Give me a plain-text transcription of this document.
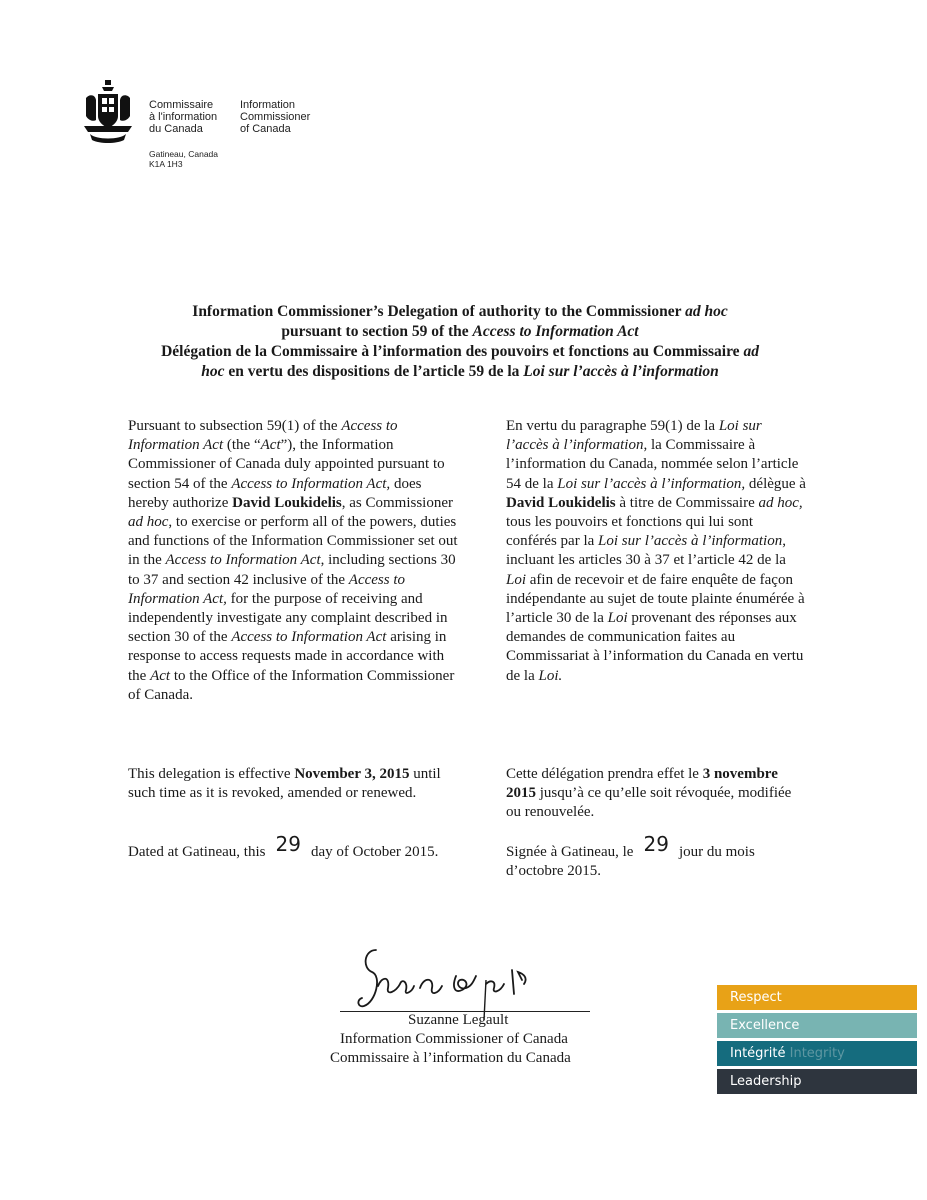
Commissaire
à l'information
du Canada
Information
Commissioner
of Canada
Gatineau, Canada
K1A 1H3
Information Commissioner’s Delegation of authority to the Commissioner ad hoc
pursuant to section 59 of the Access to Information Act
Délégation de la Commissaire à l’information des pouvoirs et fonctions au Commissaire ad
hoc en vertu des dispositions de l’article 59 de la Loi sur l’accès à l’information

Pursuant to subsection 59(1) of the Access to Information Act (the “Act”), the Information Commissioner of Canada duly appointed pursuant to section 54 of the Access to Information Act, does hereby authorize David Loukidelis, as Commissioner ad hoc, to exercise or perform all of the powers, duties and functions of the Information Commissioner set out in the Access to Information Act, including sections 30 to 37 and section 42 inclusive of the Access to Information Act, for the purpose of receiving and independently investigate any complaint described in section 30 of the Access to Information Act arising in response to access requests made in accordance with the Act to the Office of the Information Commissioner of Canada.

This delegation is effective November 3, 2015 until such time as it is revoked, amended or renewed.

Dated at Gatineau, this 29 day of October 2015.

En vertu du paragraphe 59(1) de la Loi sur l’accès à l’information, la Commissaire à l’information du Canada, nommée selon l’article 54 de la Loi sur l’accès à l’information, délègue à David Loukidelis à titre de Commissaire ad hoc, tous les pouvoirs et fonctions qui lui sont conférés par la Loi sur l’accès à l’information, incluant les articles 30 à 37 et l’article 42 de la Loi afin de recevoir et de faire enquête de façon indépendante au sujet de toute plainte énumérée à l’article 30 de la Loi provenant des réponses aux demandes de communication faites au Commissariat à l’information du Canada en vertu de la Loi.

Cette délégation prendra effet le 3 novembre 2015 jusqu’à ce qu’elle soit révoquée, modifiée ou renouvelée.

Signée à Gatineau, le 29 jour du mois d’octobre 2015.

Suzanne Legault
Information Commissioner of Canada
Commissaire à l’information du Canada
Respect
Excellence
Intégrité Integrity
Leadership
